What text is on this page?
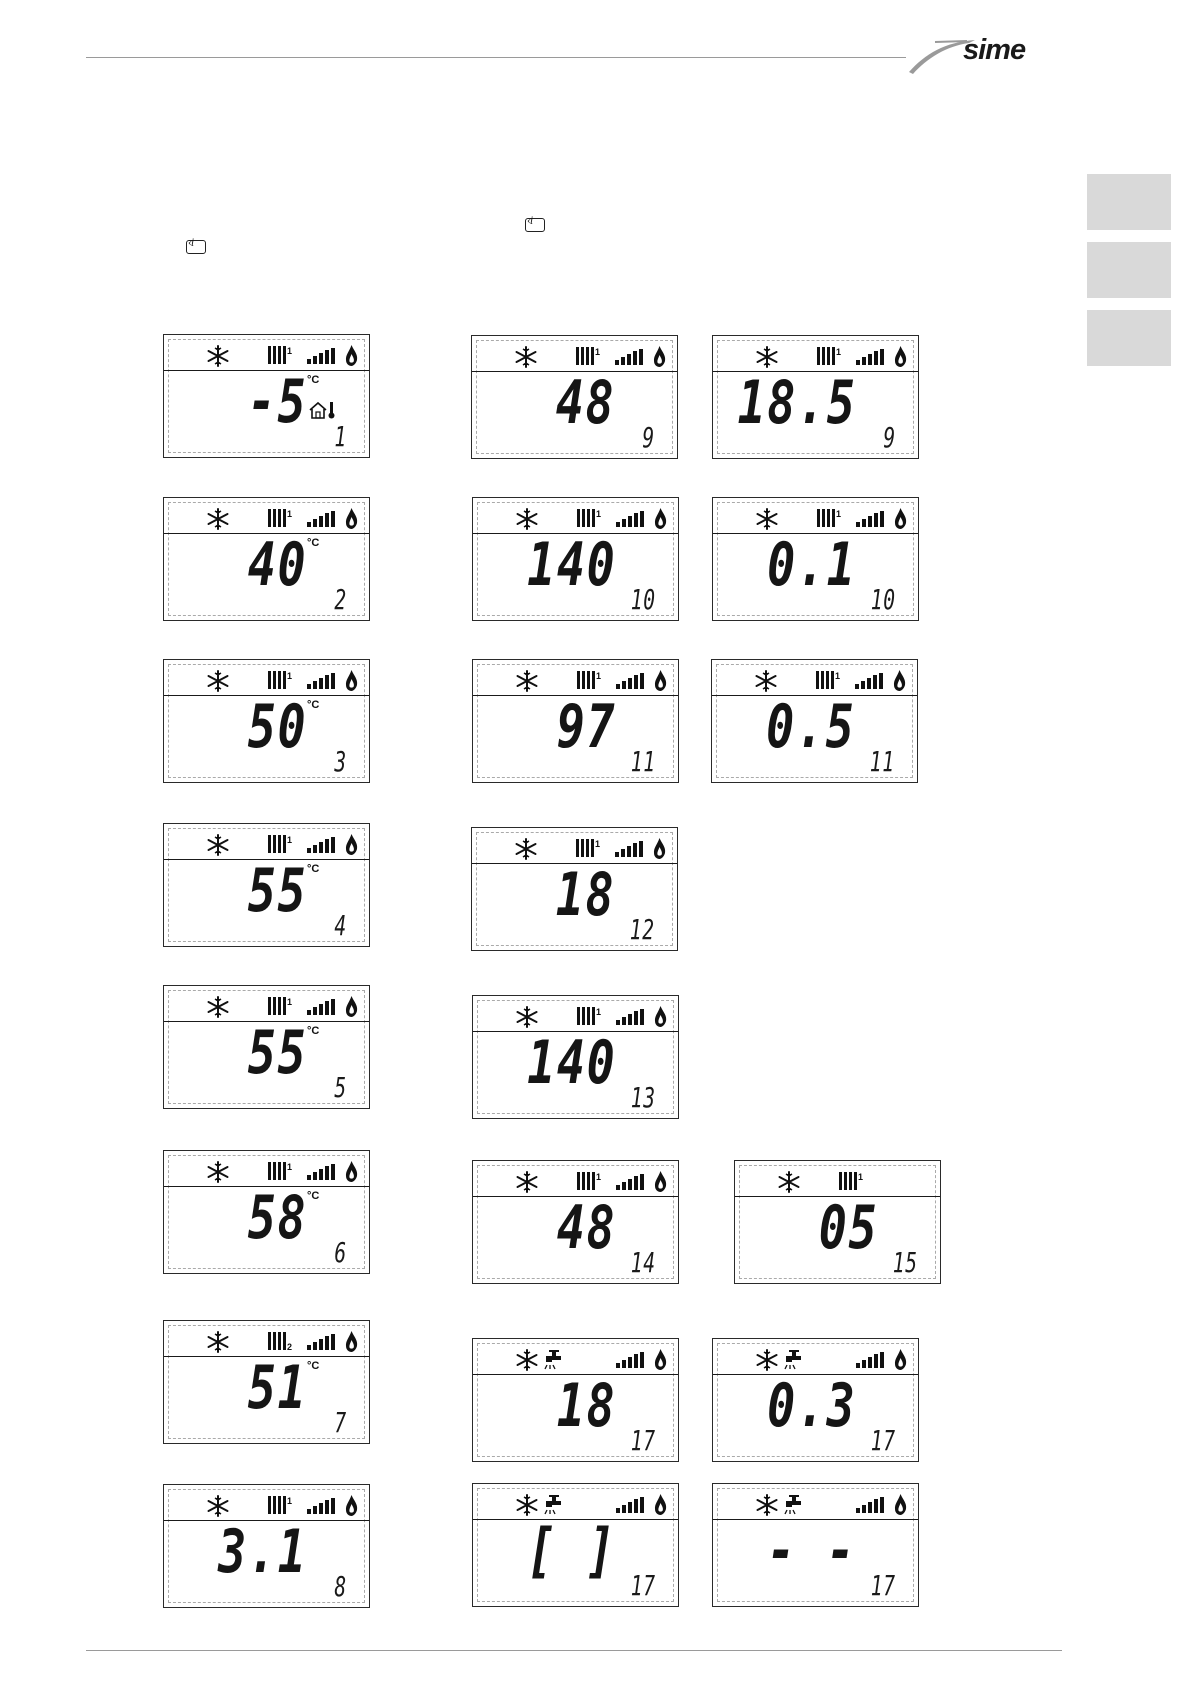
sime
‹i
‹i
1
-5 °C
1
1
40 °C
2
1
50 °C
3
1
55 °C
4
1
55 °C
5
1
58 °C
6
2
51 °C
7
1
3.1 8
1
48 9
1
18.5 9
1
140 10
1
0.1 10
1
97 11
1
0.5 11
1
18 12
1
140 13
1
48 14
1
05 15
18 17 0.3 17
[ ] 17 - - 17
